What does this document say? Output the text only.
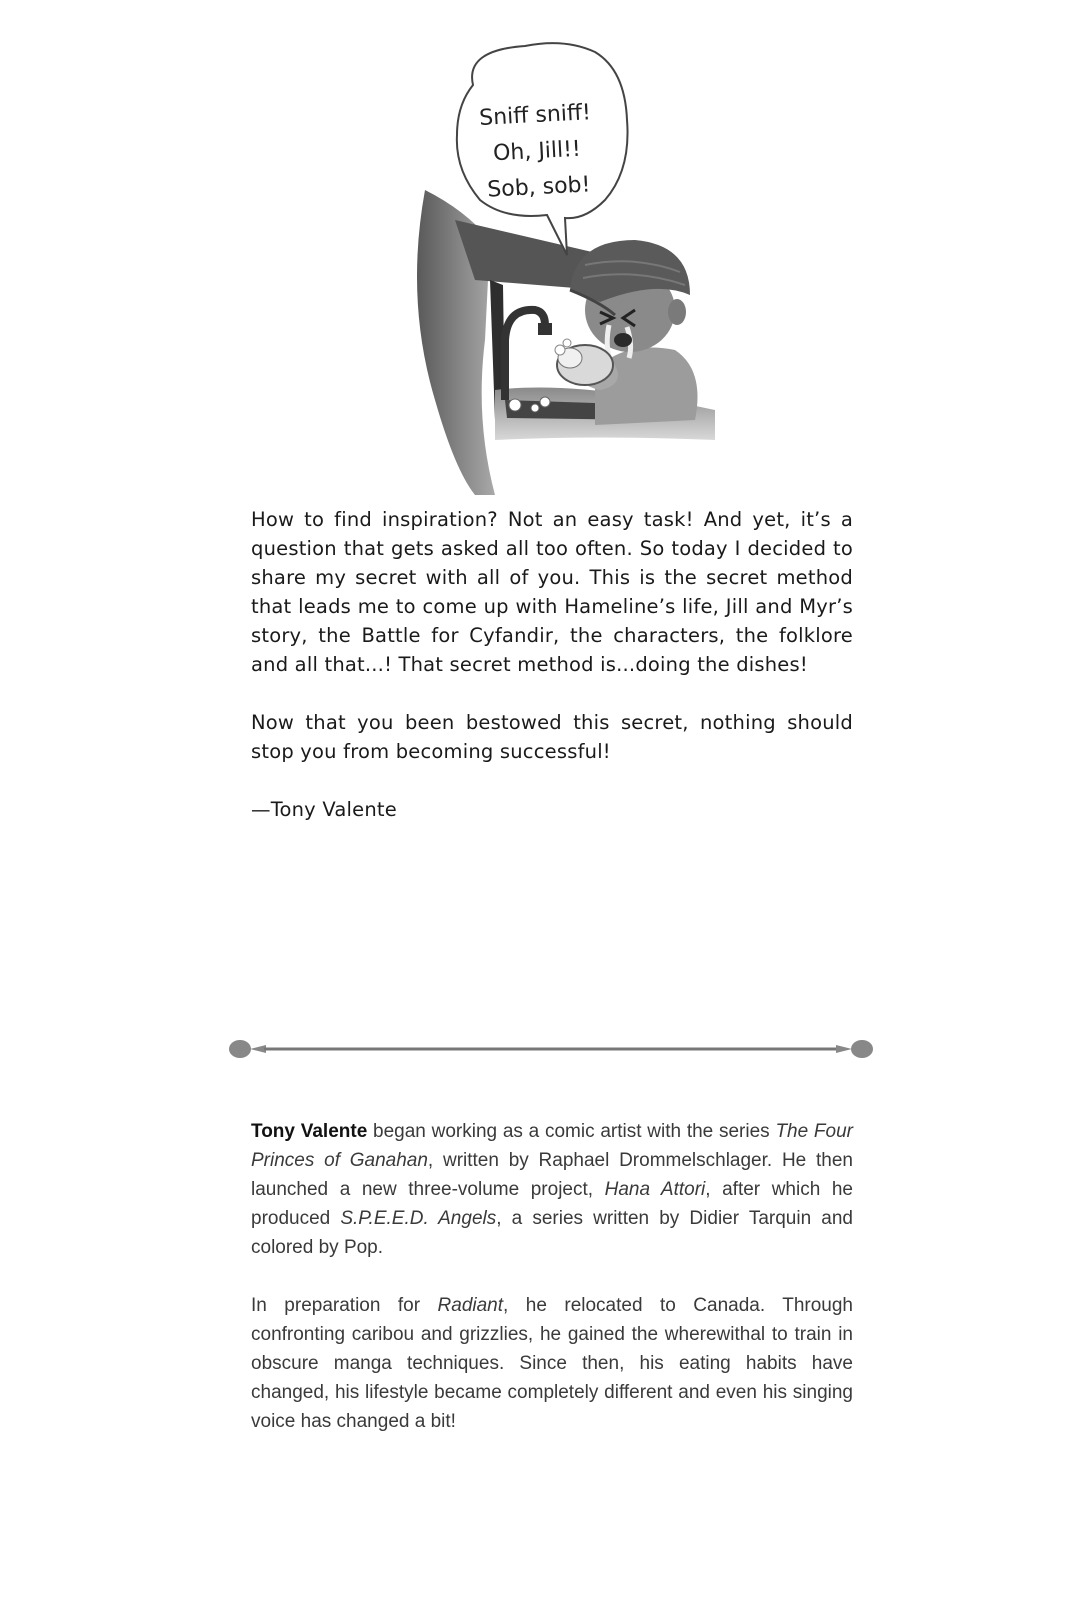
Sniff sniff!
Oh, Jill!!
Sob, sob!

How to find inspiration? Not an easy task! And yet, it’s a question that gets asked all too often. So today I decided to share my secret with all of you. This is the secret method that leads me to come up with Hameline’s life, Jill and Myr’s story, the Battle for Cyfandir, the characters, the folklore and all that...! That secret method is...doing the dishes!

Now that you been bestowed this secret, nothing should stop you from becoming successful!

—Tony Valente

Tony Valente began working as a comic artist with the series The Four Princes of Ganahan, written by Raphael Drommelschlager. He then launched a new three-volume project, Hana Attori, after which he produced S.P.E.E.D. Angels, a series written by Didier Tarquin and colored by Pop.

In preparation for Radiant, he relocated to Canada. Through confronting caribou and grizzlies, he gained the wherewithal to train in obscure manga techniques. Since then, his eating habits have changed, his lifestyle became completely different and even his singing voice has changed a bit!
